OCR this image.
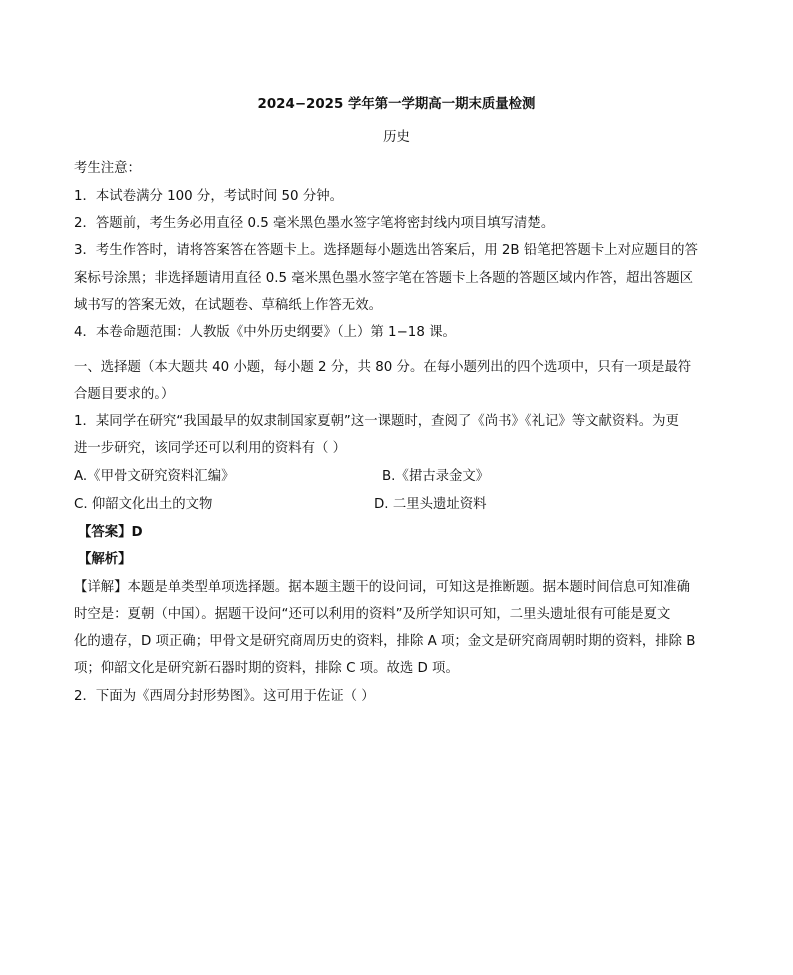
2024−2025 学年第一学期高一期末质量检测
历史
考生注意：
1．本试卷满分 100 分，考试时间 50 分钟。
2．答题前，考生务必用直径 0.5 毫米黑色墨水签字笔将密封线内项目填写清楚。
3．考生作答时，请将答案答在答题卡上。选择题每小题选出答案后，用 2B 铅笔把答题卡上对应题目的答
案标号涂黑；非选择题请用直径 0.5 毫米黑色墨水签字笔在答题卡上各题的答题区域内作答，超出答题区
域书写的答案无效，在试题卷、草稿纸上作答无效。
4．本卷命题范围：人教版《中外历史纲要》（上）第 1−18 课。
一、选择题（本大题共 40 小题，每小题 2 分，共 80 分。在每小题列出的四个选项中，只有一项是最符
合题目要求的。）
1．某同学在研究“我国最早的奴隶制国家夏朝”这一课题时，查阅了《尚书》《礼记》等文献资料。为更
进一步研究，该同学还可以利用的资料有（ ）
A.《甲骨文研究资料汇编》	B.《捃古录金文》
C. 仰韶文化出土的文物	D. 二里头遗址资料
【答案】D
【解析】
【详解】本题是单类型单项选择题。据本题主题干的设问词，可知这是推断题。据本题时间信息可知准确
时空是：夏朝（中国）。据题干设问“还可以利用的资料”及所学知识可知，二里头遗址很有可能是夏文
化的遗存，D 项正确；甲骨文是研究商周历史的资料，排除 A 项；金文是研究商周朝时期的资料，排除 B
项；仰韶文化是研究新石器时期的资料，排除 C 项。故选 D 项。
2．下面为《西周分封形势图》。这可用于佐证（ ）
